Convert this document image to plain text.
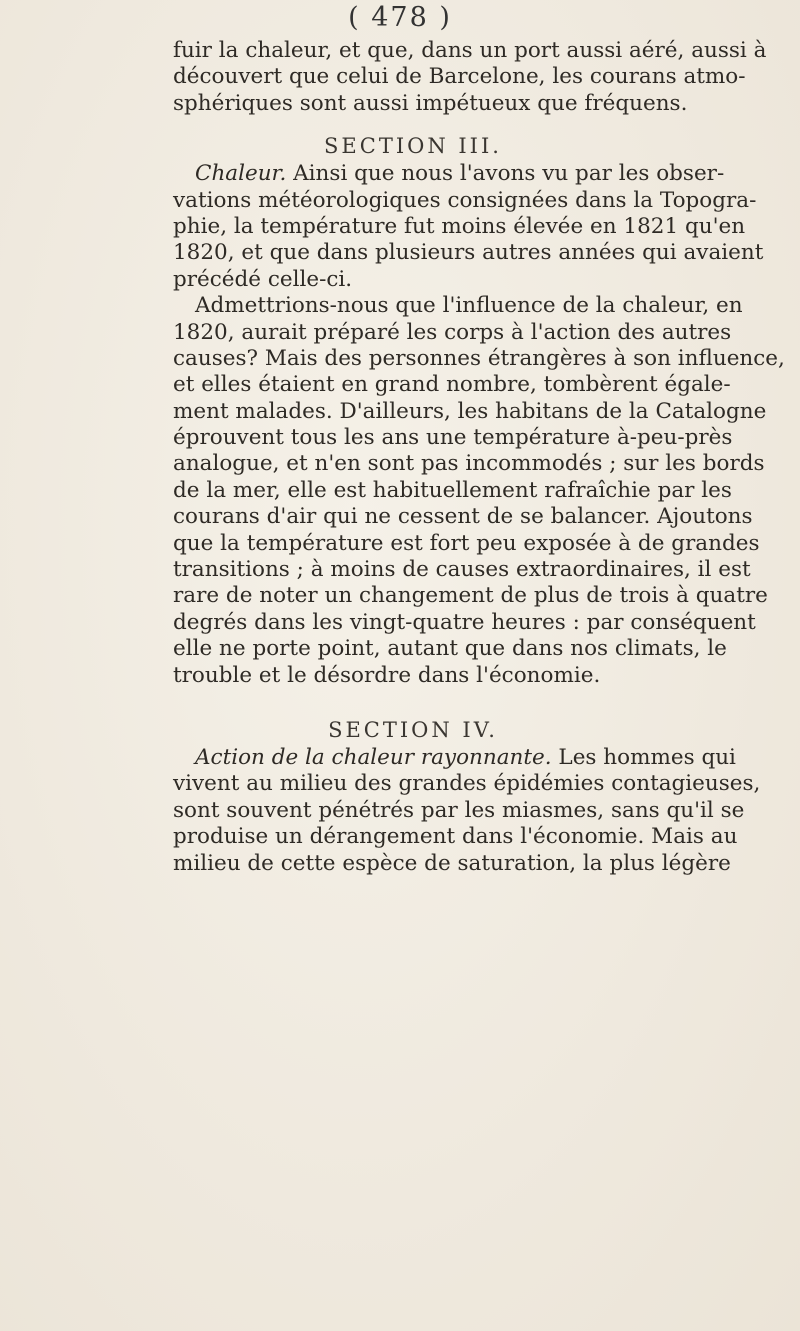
( 478 )
fuir la chaleur, et que, dans un port aussi aéré, aussi à
découvert que celui de Barcelone, les courans atmo-
sphériques sont aussi impétueux que fréquens.
SECTION III.
Chaleur. Ainsi que nous l'avons vu par les obser-
vations météorologiques consignées dans la Topogra-
phie, la température fut moins élevée en 1821 qu'en
1820, et que dans plusieurs autres années qui avaient
précédé celle-ci.
Admettrions-nous que l'influence de la chaleur, en
1820, aurait préparé les corps à l'action des autres
causes? Mais des personnes étrangères à son influence,
et elles étaient en grand nombre, tombèrent égale-
ment malades. D'ailleurs, les habitans de la Catalogne
éprouvent tous les ans une température à-peu-près
analogue, et n'en sont pas incommodés ; sur les bords
de la mer, elle est habituellement rafraîchie par les
courans d'air qui ne cessent de se balancer. Ajoutons
que la température est fort peu exposée à de grandes
transitions ; à moins de causes extraordinaires, il est
rare de noter un changement de plus de trois à quatre
degrés dans les vingt-quatre heures : par conséquent
elle ne porte point, autant que dans nos climats, le
trouble et le désordre dans l'économie.
SECTION IV.
Action de la chaleur rayonnante. Les hommes qui
vivent au milieu des grandes épidémies contagieuses,
sont souvent pénétrés par les miasmes, sans qu'il se
produise un dérangement dans l'économie. Mais au
milieu de cette espèce de saturation, la plus légère
